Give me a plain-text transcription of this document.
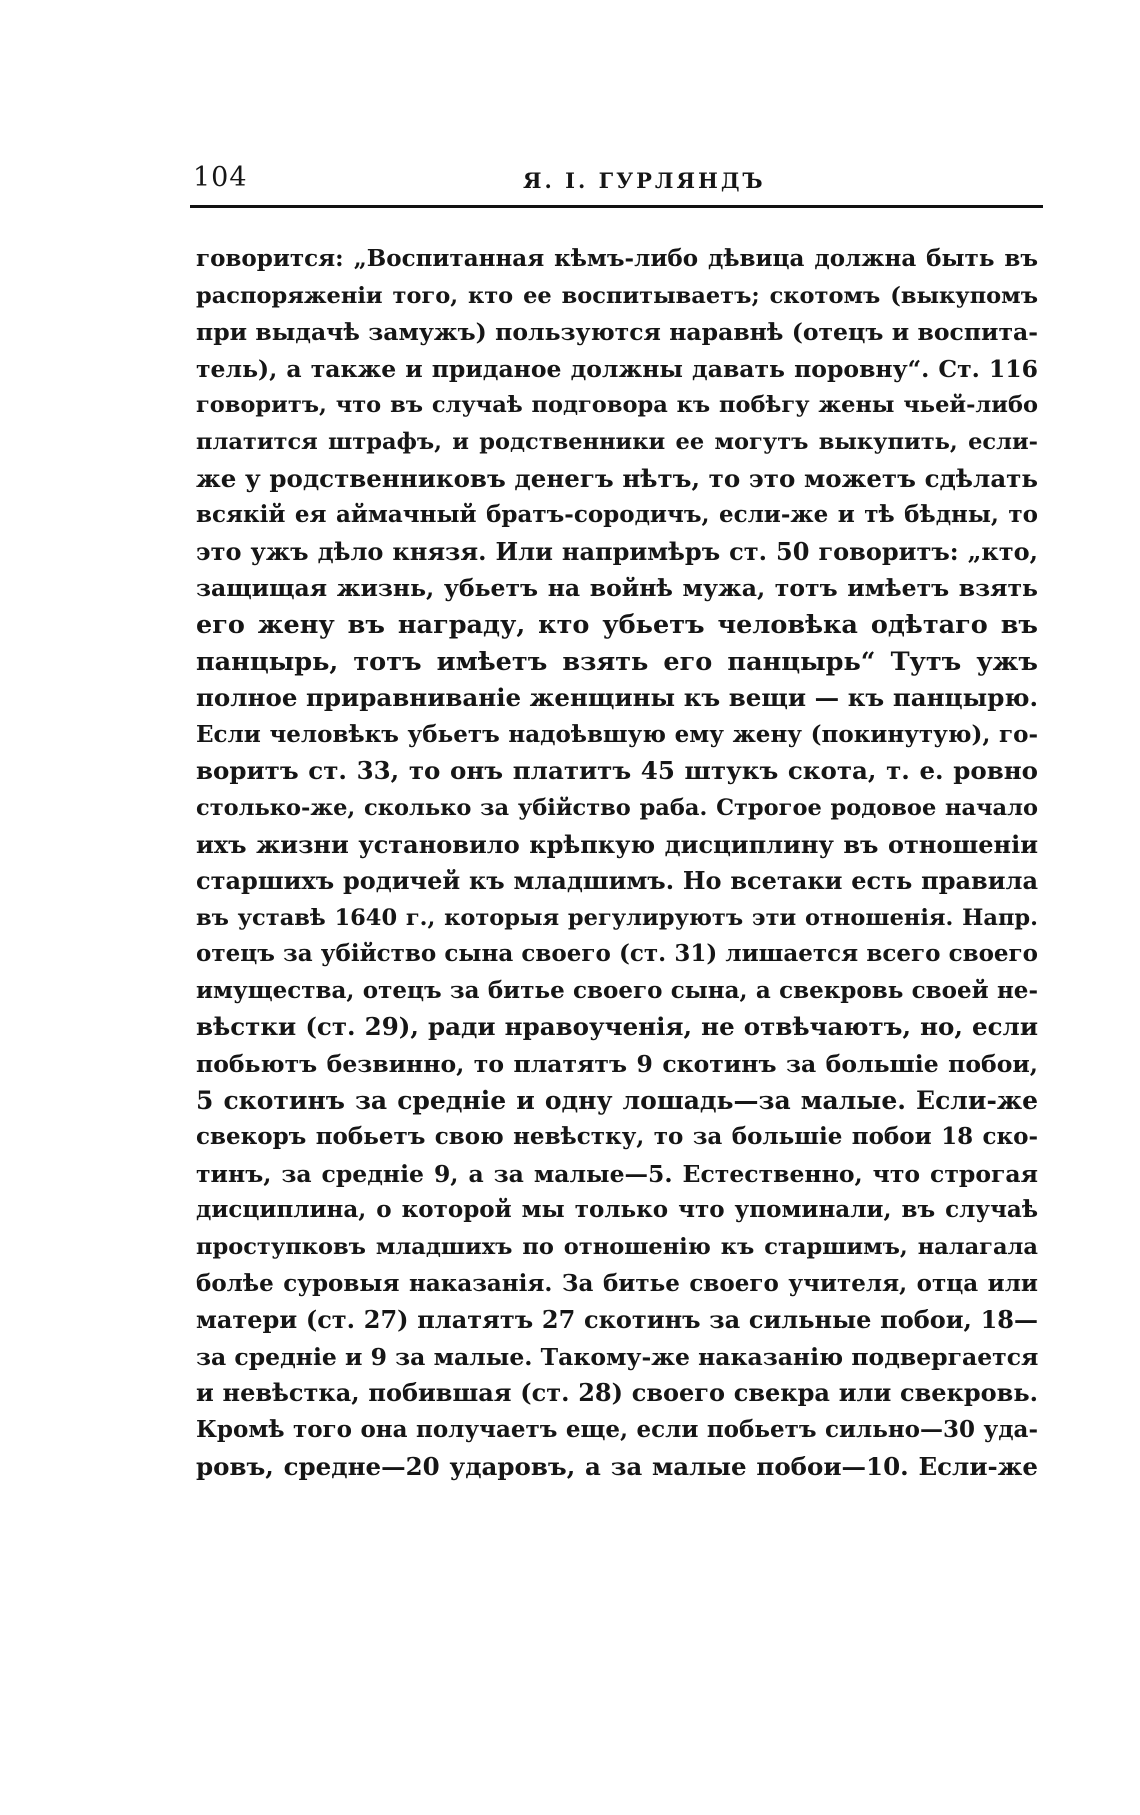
104	Я. І. ГУРЛЯНДЪ
говорится: „Воспитанная кѣмъ-либо дѣвица должна быть въ
распоряженіи того, кто ее воспитываетъ; скотомъ (выкупомъ
при выдачѣ замужъ) пользуются наравнѣ (отецъ и воспита-
тель), а также и приданое должны давать поровну“. Ст. 116
говоритъ, что въ случаѣ подговора къ побѣгу жены чьей-либо
платится штрафъ, и родственники ее могутъ выкупить, если-
же у родственниковъ денегъ нѣтъ, то это можетъ сдѣлать
всякій ея аймачный братъ-сородичъ, если-же и тѣ бѣдны, то
это ужъ дѣло князя. Или напримѣръ ст. 50 говоритъ: „кто,
защищая жизнь, убьетъ на войнѣ мужа, тотъ имѣетъ взять
его жену въ награду, кто убьетъ человѣка одѣтаго въ
панцырь, тотъ имѣетъ взять его панцырь“ Тутъ ужъ
полное приравниваніе женщины къ вещи — къ панцырю.
Если человѣкъ убьетъ надоѣвшую ему жену (покинутую), го-
воритъ ст. 33, то онъ платитъ 45 штукъ скота, т. е. ровно
столько-же, сколько за убійство раба. Строгое родовое начало
ихъ жизни установило крѣпкую дисциплину въ отношеніи
старшихъ родичей къ младшимъ. Но всетаки есть правила
въ уставѣ 1640 г., которыя регулируютъ эти отношенія. Напр.
отецъ за убійство сына своего (ст. 31) лишается всего своего
имущества, отецъ за битье своего сына, а свекровь своей не-
вѣстки (ст. 29), ради нравоученія, не отвѣчаютъ, но, если
побьютъ безвинно, то платятъ 9 скотинъ за большіе побои,
5 скотинъ за средніе и одну лошадь—за малые. Если-же
свекоръ побьетъ свою невѣстку, то за большіе побои 18 ско-
тинъ, за средніе 9, а за малые—5. Естественно, что строгая
дисциплина, о которой мы только что упоминали, въ случаѣ
проступковъ младшихъ по отношенію къ старшимъ, налагала
болѣе суровыя наказанія. За битье своего учителя, отца или
матери (ст. 27) платятъ 27 скотинъ за сильные побои, 18—
за средніе и 9 за малые. Такому-же наказанію подвергается
и невѣстка, побившая (ст. 28) своего свекра или свекровь.
Кромѣ того она получаетъ еще, если побьетъ сильно—30 уда-
ровъ, средне—20 ударовъ, а за малые побои—10. Если-же
